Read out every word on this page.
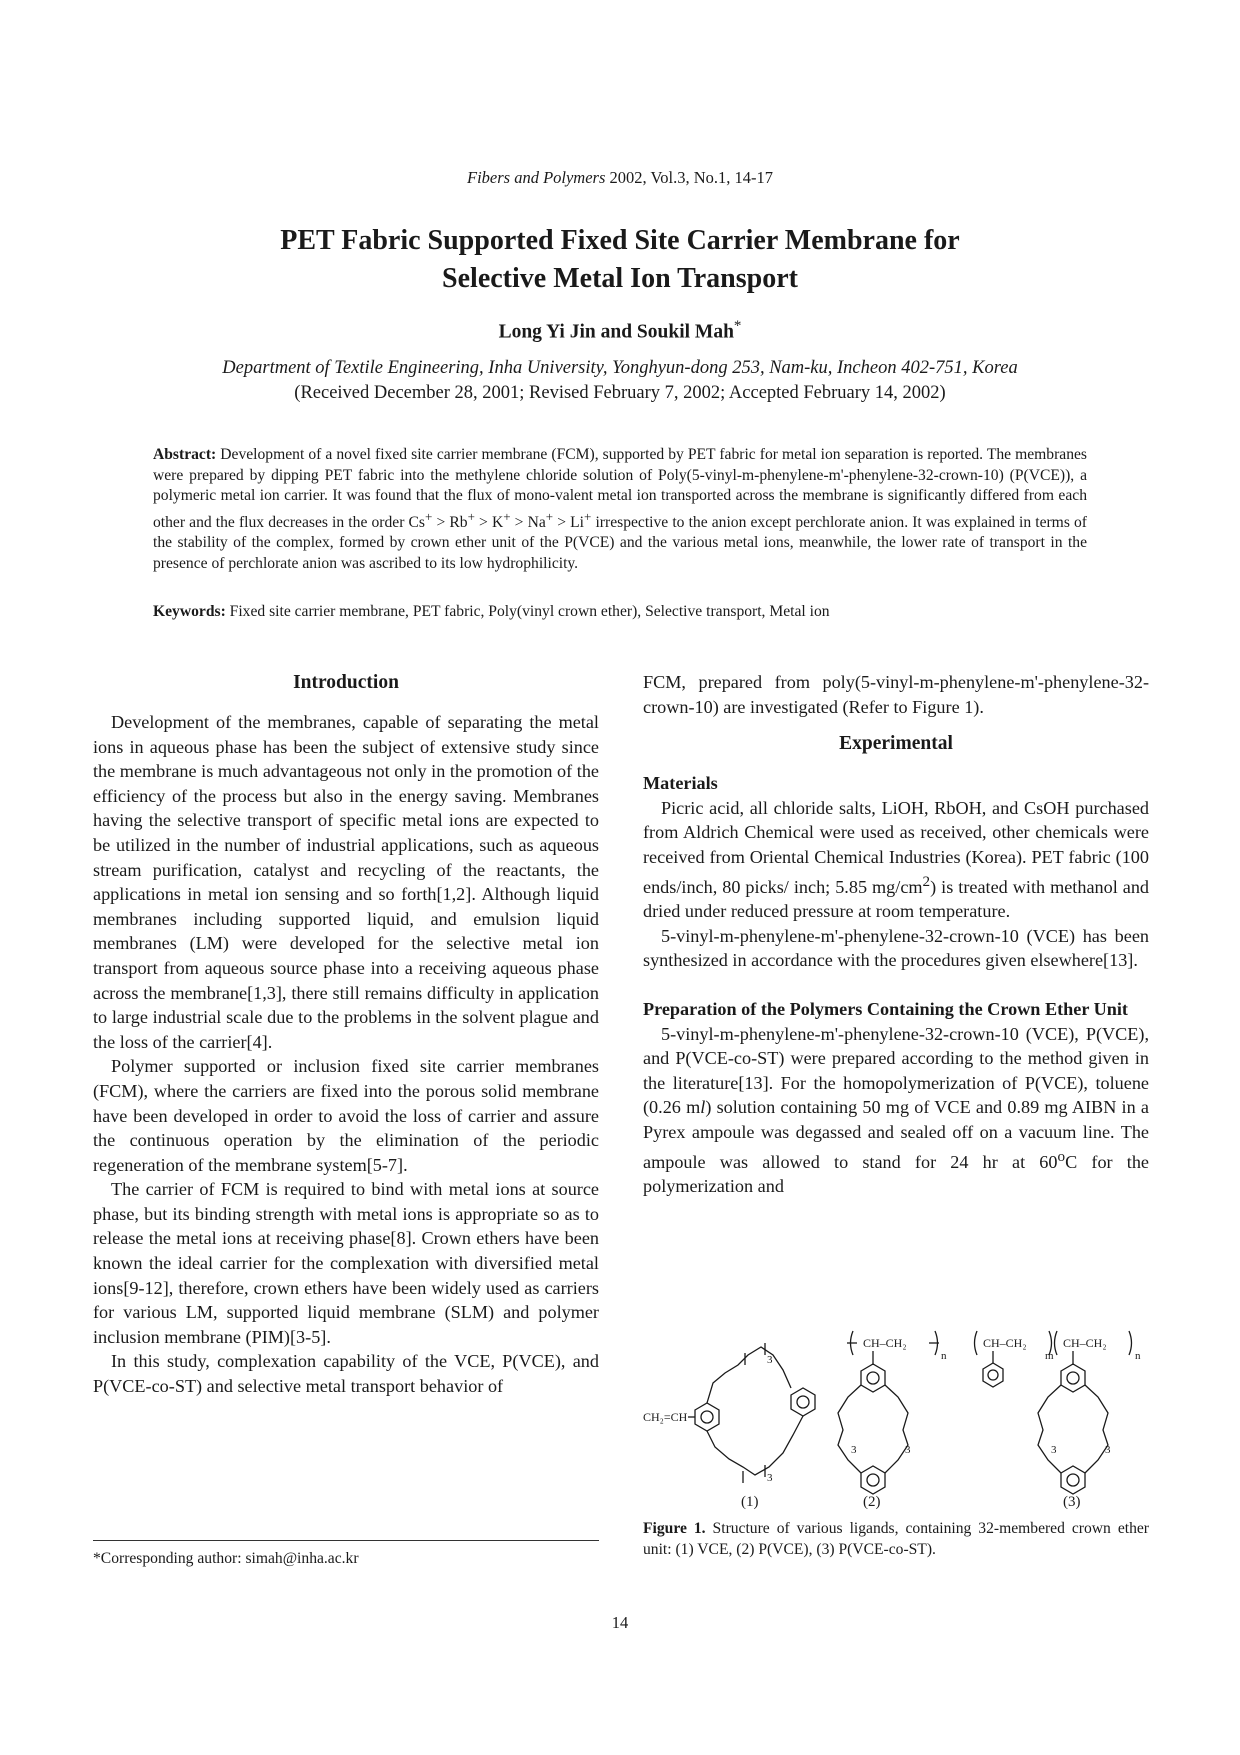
Fibers and Polymers 2002, Vol.3, No.1, 14-17
PET Fabric Supported Fixed Site Carrier Membrane for
Selective Metal Ion Transport
Long Yi Jin and Soukil Mah*
Department of Textile Engineering, Inha University, Yonghyun-dong 253, Nam-ku, Incheon 402-751, Korea
(Received December 28, 2001; Revised February 7, 2002; Accepted February 14, 2002)
Abstract: Development of a novel fixed site carrier membrane (FCM), supported by PET fabric for metal ion separation is reported. The membranes were prepared by dipping PET fabric into the methylene chloride solution of Poly(5-vinyl-m-phenylene-m'-phenylene-32-crown-10) (P(VCE)), a polymeric metal ion carrier. It was found that the flux of mono-valent metal ion transported across the membrane is significantly differed from each other and the flux decreases in the order Cs+ > Rb+ > K+ > Na+ > Li+ irrespective to the anion except perchlorate anion. It was explained in terms of the stability of the complex, formed by crown ether unit of the P(VCE) and the various metal ions, meanwhile, the lower rate of transport in the presence of perchlorate anion was ascribed to its low hydrophilicity.
Keywords: Fixed site carrier membrane, PET fabric, Poly(vinyl crown ether), Selective transport, Metal ion
Introduction

Development of the membranes, capable of separating the metal ions in aqueous phase has been the subject of extensive study since the membrane is much advantageous not only in the promotion of the efficiency of the process but also in the energy saving. Membranes having the selective transport of specific metal ions are expected to be utilized in the number of industrial applications, such as aqueous stream purification, catalyst and recycling of the reactants, the applications in metal ion sensing and so forth[1,2]. Although liquid membranes including supported liquid, and emulsion liquid membranes (LM) were developed for the selective metal ion transport from aqueous source phase into a receiving aqueous phase across the membrane[1,3], there still remains difficulty in application to large industrial scale due to the problems in the solvent plague and the loss of the carrier[4].

Polymer supported or inclusion fixed site carrier membranes (FCM), where the carriers are fixed into the porous solid membrane have been developed in order to avoid the loss of carrier and assure the continuous operation by the elimination of the periodic regeneration of the membrane system[5-7].

The carrier of FCM is required to bind with metal ions at source phase, but its binding strength with metal ions is appropriate so as to release the metal ions at receiving phase[8]. Crown ethers have been known the ideal carrier for the complexation with diversified metal ions[9-12], therefore, crown ethers have been widely used as carriers for various LM, supported liquid membrane (SLM) and polymer inclusion membrane (PIM)[3-5].

In this study, complexation capability of the VCE, P(VCE), and P(VCE-co-ST) and selective metal transport behavior of

FCM, prepared from poly(5-vinyl-m-phenylene-m'-phenylene-32-crown-10) are investigated (Refer to Figure 1).

Experimental
Materials

Picric acid, all chloride salts, LiOH, RbOH, and CsOH purchased from Aldrich Chemical were used as received, other chemicals were received from Oriental Chemical Industries (Korea). PET fabric (100 ends/inch, 80 picks/ inch; 5.85 $mg/cm^2$) is treated with methanol and dried under reduced pressure at room temperature.

5-vinyl-m-phenylene-m'-phenylene-32-crown-10 (VCE) has been synthesized in accordance with the procedures given elsewhere[13].

Preparation of the Polymers Containing the Crown Ether Unit

5-vinyl-m-phenylene-m'-phenylene-32-crown-10 (VCE), P(VCE), and P(VCE-co-ST) were prepared according to the method given in the literature[13]. For the homopolymerization of P(VCE), toluene (0.26 ml) solution containing 50 mg of VCE and 0.89 mg AIBN in a Pyrex ampoule was degassed and sealed off on a vacuum line. The ampoule was allowed to stand for 24 hr at 60$^o$C for the polymerization and

CH₂=CH
3
3
CH–CH₂
n
3	3
CH–CH₂	CH–CH₂
m	n
3	3
(1)	(2)	(3)
Figure 1. Structure of various ligands, containing 32-membered crown ether unit: (1) VCE, (2) P(VCE), (3) P(VCE-co-ST).
*Corresponding author: simah@inha.ac.kr
14
